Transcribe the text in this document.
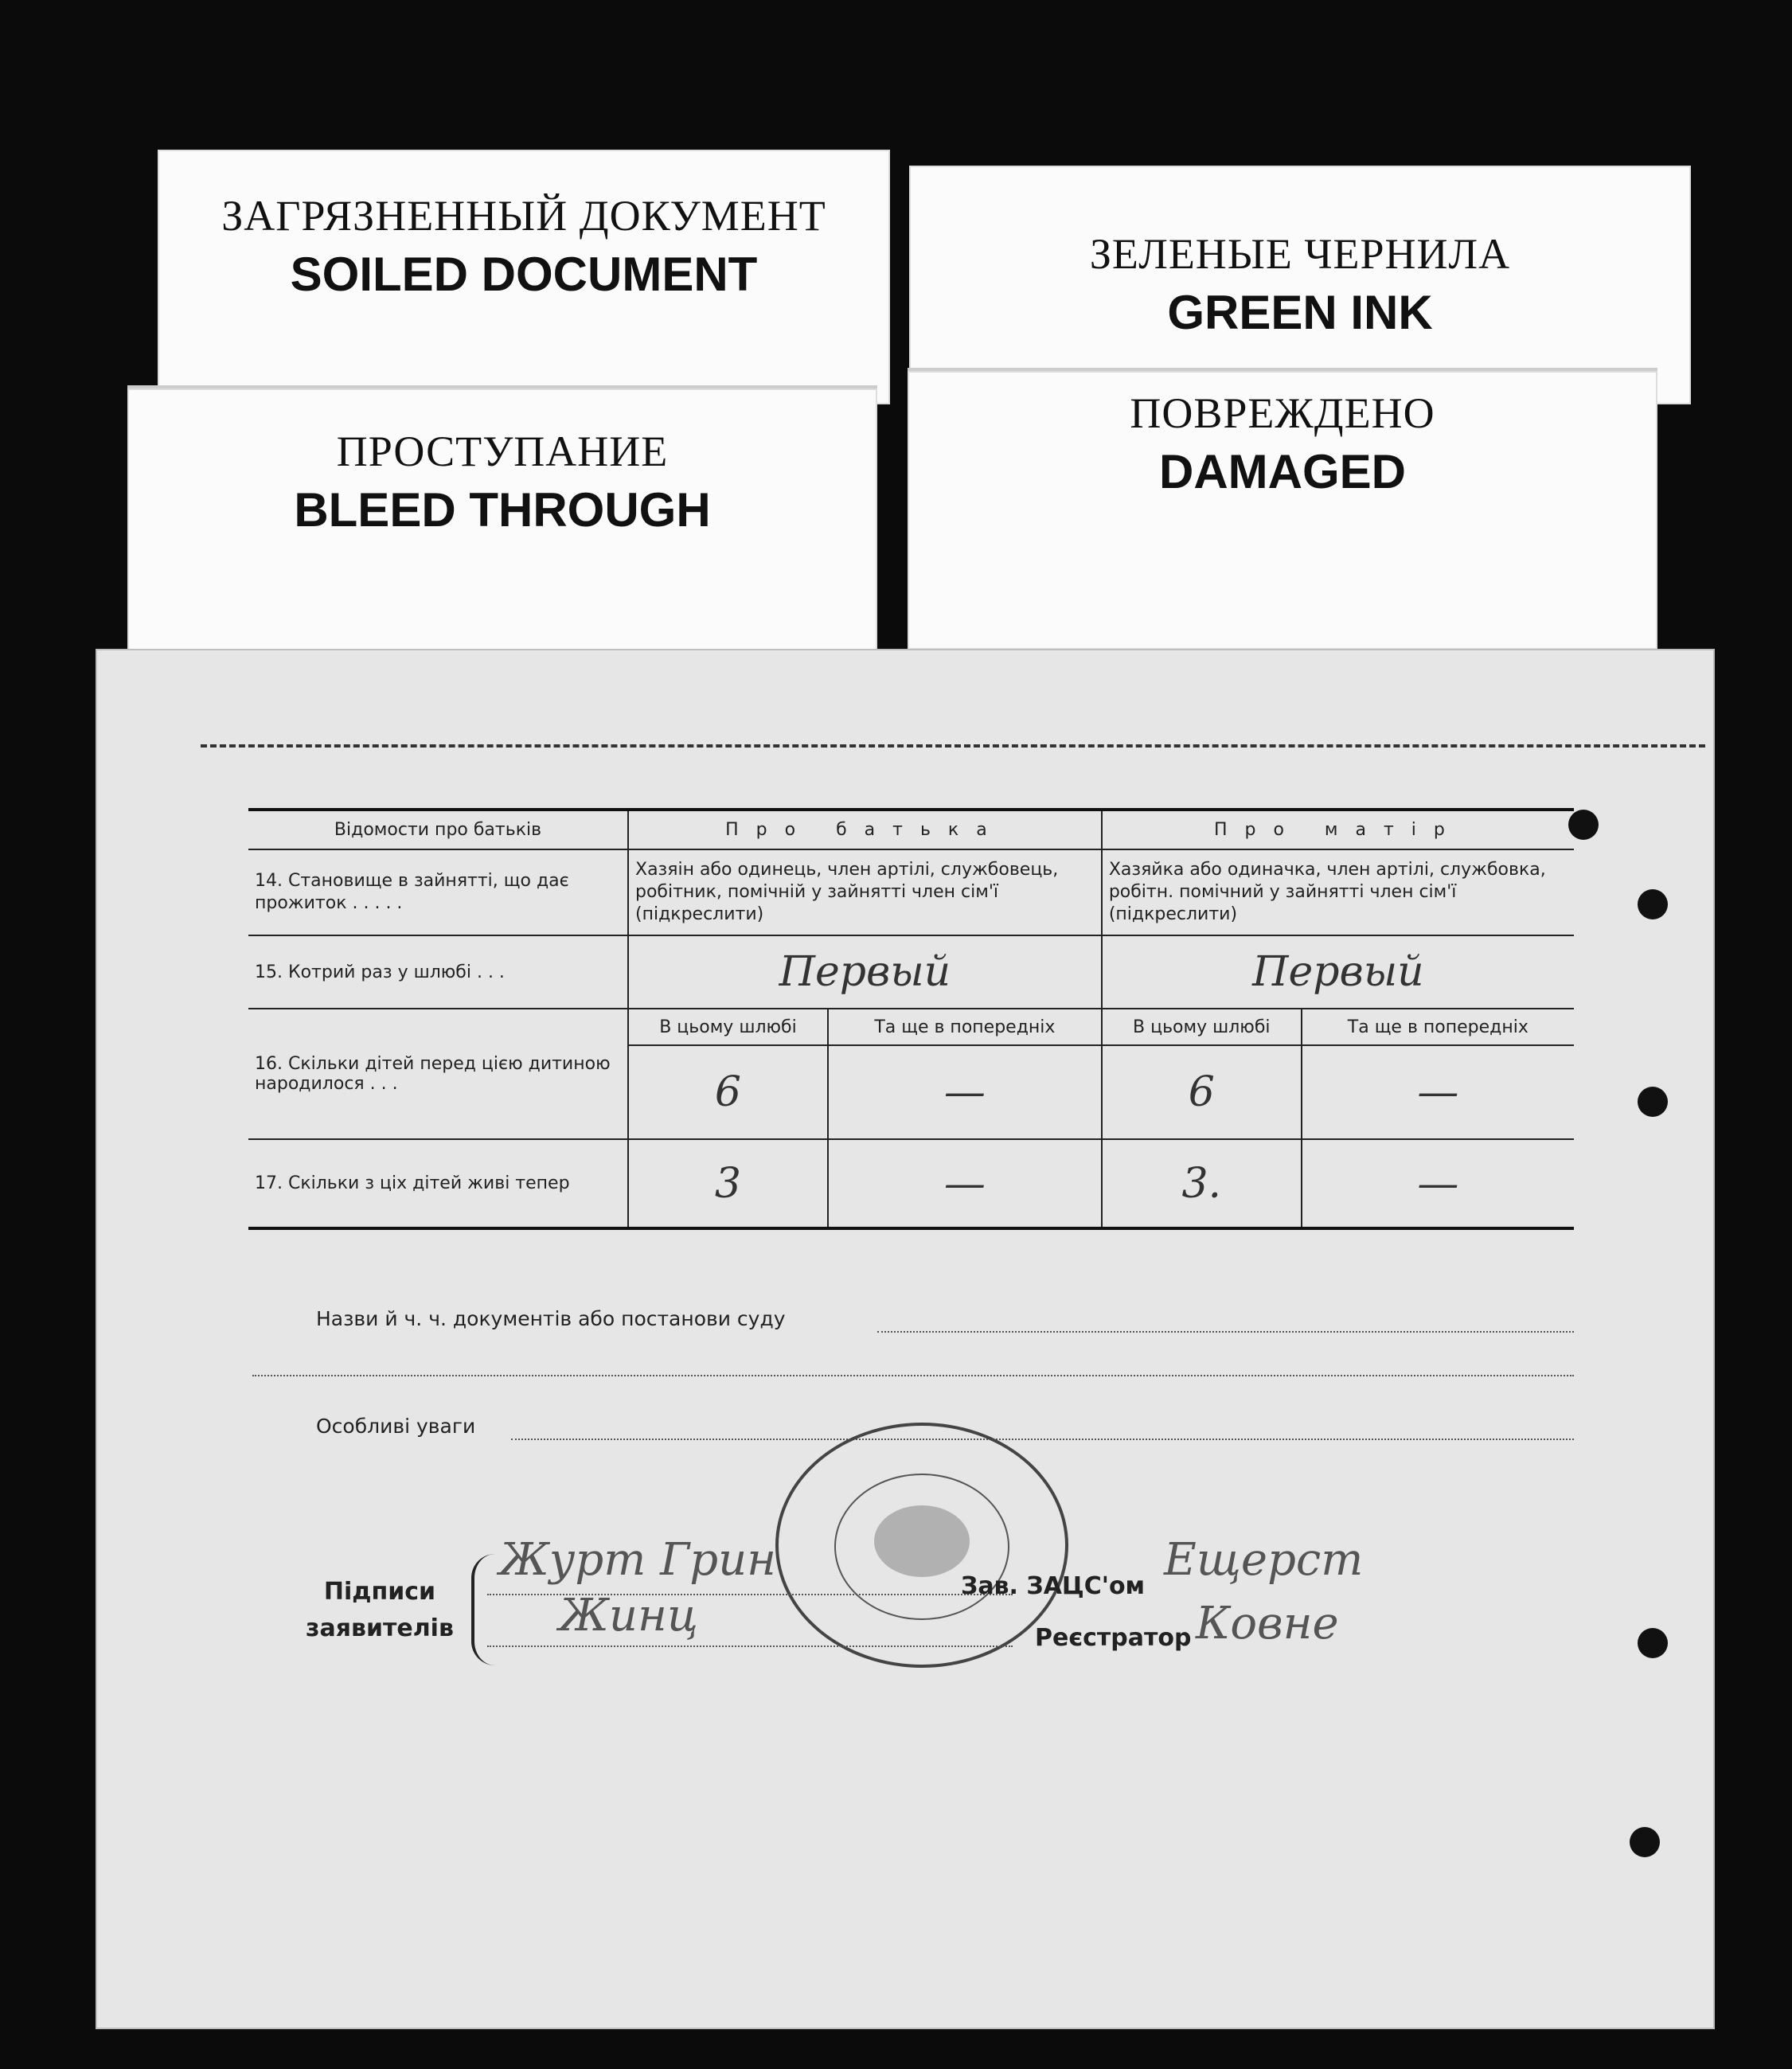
ЗАГРЯЗНЕННЫЙ ДОКУМЕНТ
SOILED DOCUMENT	ЗЕЛЕНЫЕ ЧЕРНИЛА
GREEN INK
ПРОСТУПАНИЕ
BLEED THROUGH
ПОВРЕЖДЕНО
DAMAGED
Відомости про батьків	Про батька		Про матір	
14. Становище в зайнятті, що дає прожиток . . . . .	Хазяін або одинець, член артілі, службовець, робітник, помічній у зайнятті член сім'ї (підкреслити)		Хазяйка або одиначка, член артілі, службовка, робітн. помічний у зайнятті член сім'ї (підкреслити)	
15. Котрий раз у шлюбі . . .	Первый		Первый	
16. Скільки дітей перед цією дитиною народилося . . .	В цьому шлюбі	Та ще в попередніх	В цьому шлюбі	Та ще в попередніх
	6	—	6	—
17. Скільки з ціх дітей живі тепер	3	—	3.	—
Назви й ч. ч. документів або постанови суду
Особливі уваги
Підписи
заявителів
Журт Грин
Жинц
Зав. ЗАЦС'ом
Реєстратор
Ещерст
Ковне
